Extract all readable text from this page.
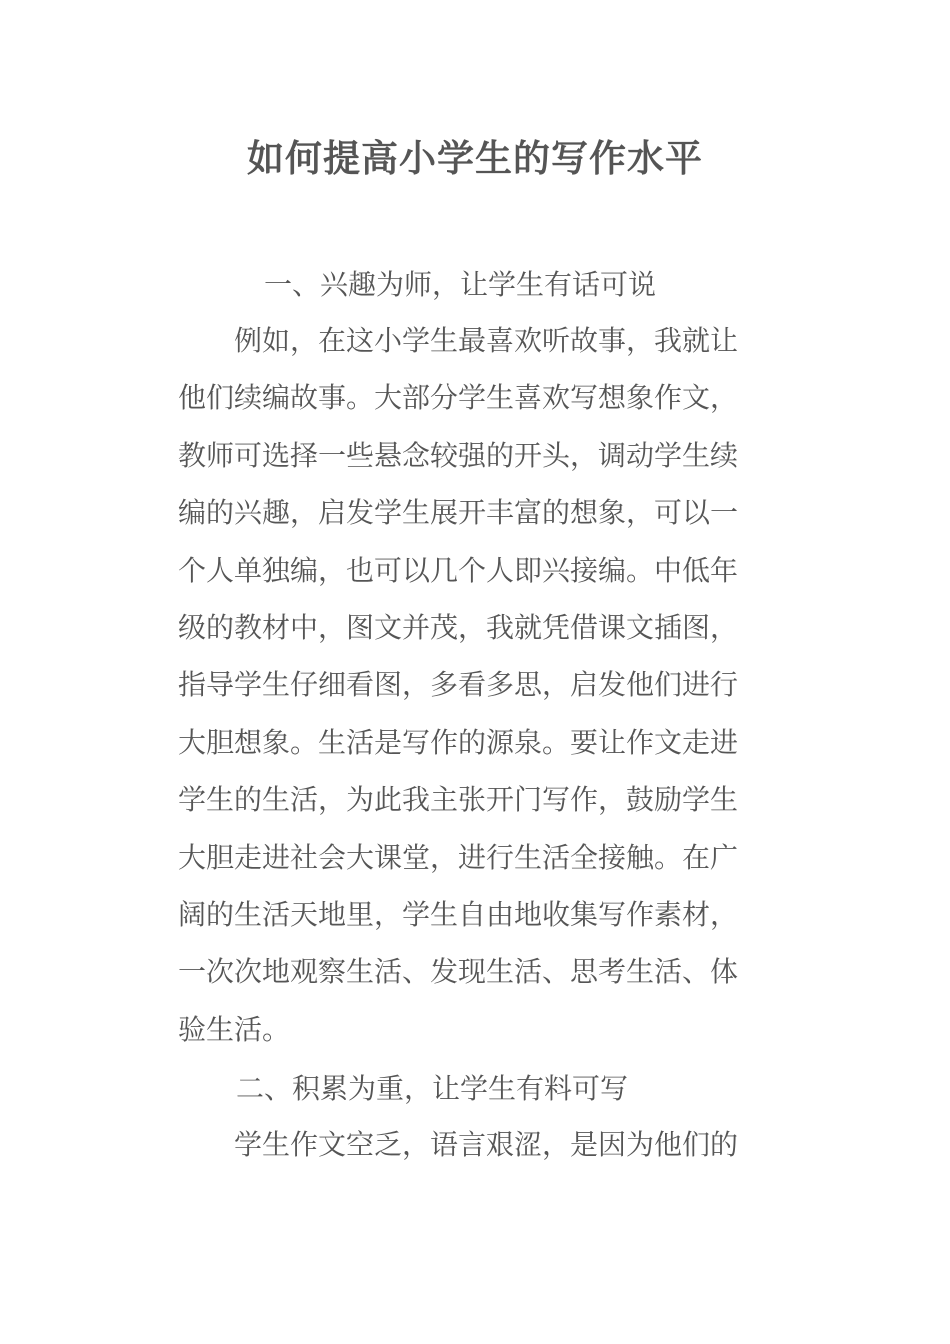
如何提高小学生的写作水平
一、兴趣为师，让学生有话可说
　　例如，在这小学生最喜欢听故事，我就让
他们续编故事。大部分学生喜欢写想象作文，
教师可选择一些悬念较强的开头，调动学生续
编的兴趣，启发学生展开丰富的想象，可以一
个人单独编，也可以几个人即兴接编。中低年
级的教材中，图文并茂，我就凭借课文插图，
指导学生仔细看图，多看多思，启发他们进行
大胆想象。生活是写作的源泉。要让作文走进
学生的生活，为此我主张开门写作，鼓励学生
大胆走进社会大课堂，进行生活全接触。在广
阔的生活天地里，学生自由地收集写作素材，
一次次地观察生活、发现生活、思考生活、体
验生活。
二、积累为重，让学生有料可写
　　学生作文空乏，语言艰涩，是因为他们的
